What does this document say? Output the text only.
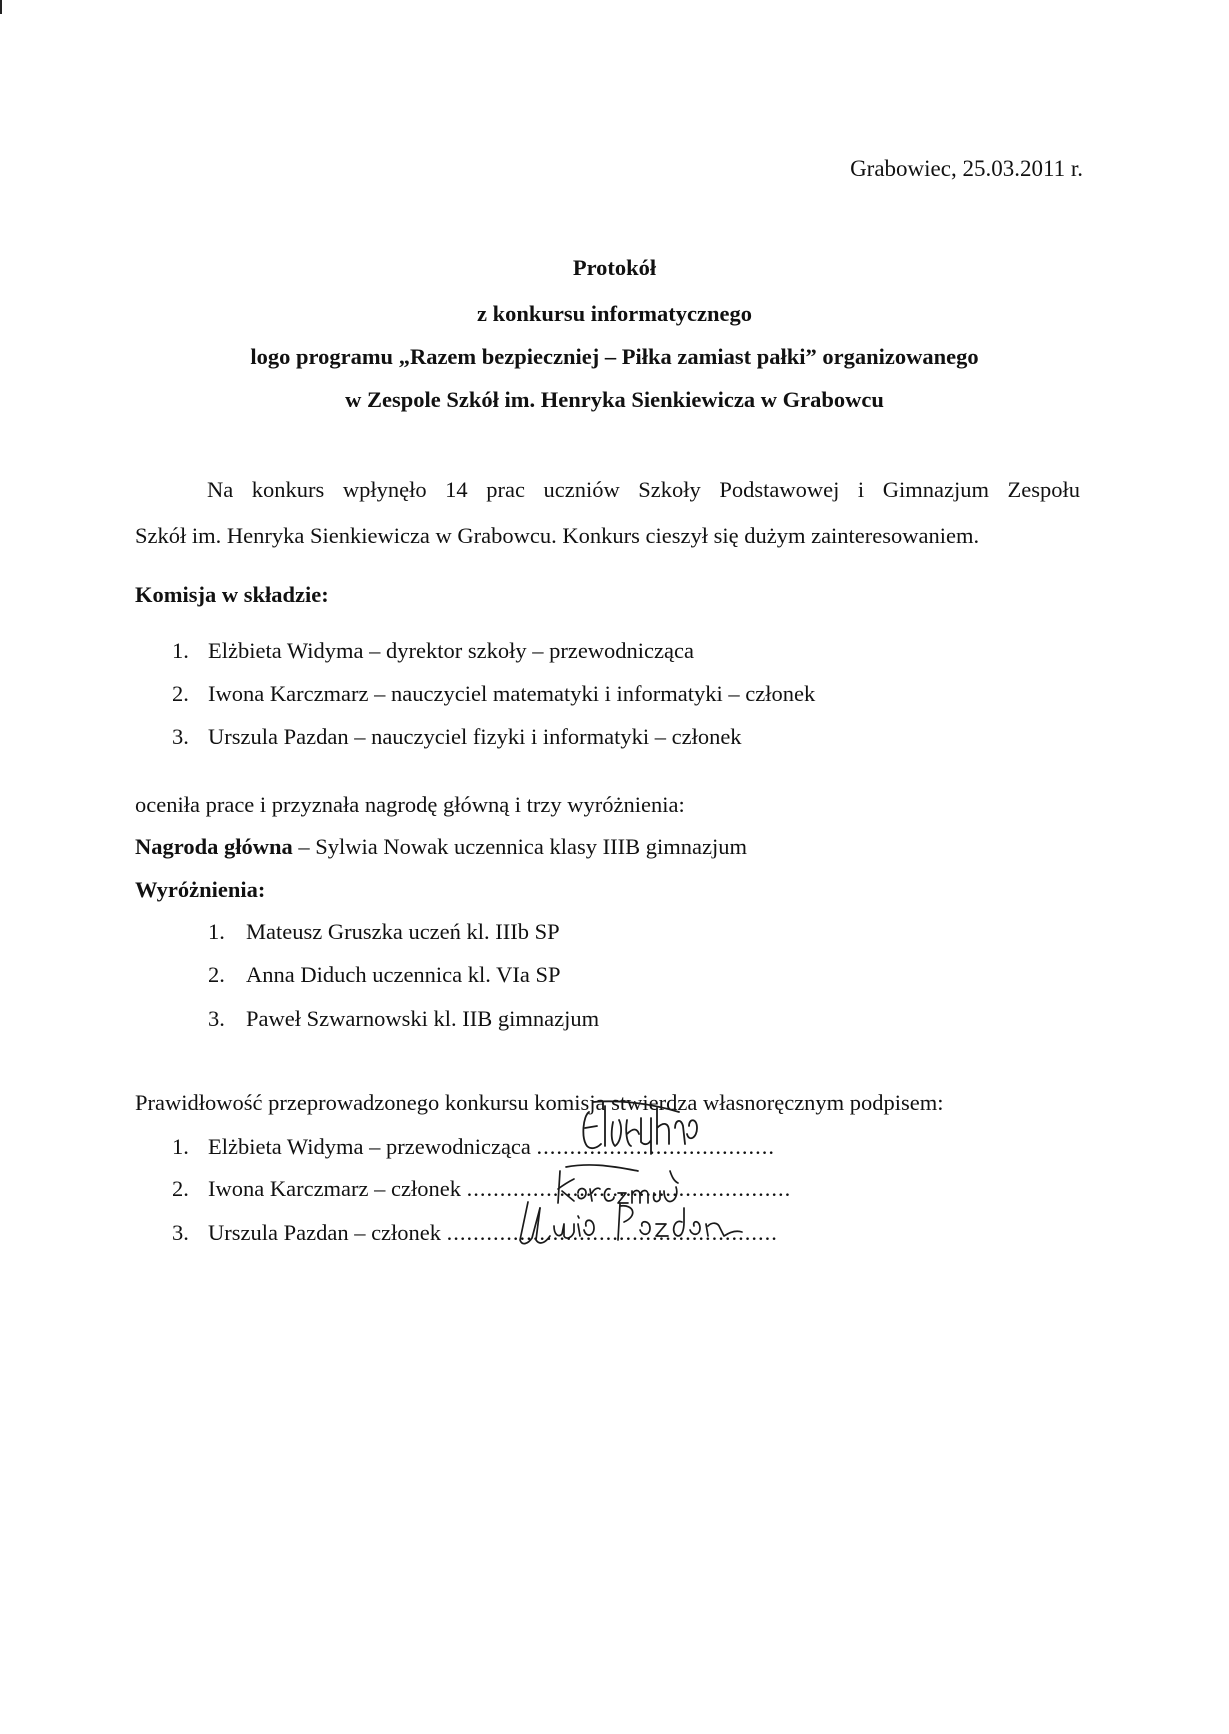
Grabowiec, 25.03.2011 r.
Protokół
z konkursu informatycznego
logo programu „Razem bezpieczniej – Piłka zamiast pałki” organizowanego
w Zespole Szkół im. Henryka Sienkiewicza w Grabowcu
Na konkurs wpłynęło 14 prac uczniów Szkoły Podstawowej i Gimnazjum Zespołu
Szkół im. Henryka Sienkiewicza w Grabowcu. Konkurs cieszył się dużym zainteresowaniem.
Komisja w składzie:
1. Elżbieta Widyma – dyrektor szkoły – przewodnicząca
2. Iwona Karczmarz – nauczyciel matematyki i informatyki – członek
3. Urszula Pazdan – nauczyciel fizyki i informatyki – członek
oceniła prace i przyznała nagrodę główną i trzy wyróżnienia:
Nagroda główna – Sylwia Nowak uczennica klasy IIIB gimnazjum
Wyróżnienia:
1. Mateusz Gruszka uczeń kl. IIIb SP
2. Anna Diduch uczennica kl. VIa SP
3. Paweł Szwarnowski kl. IIB gimnazjum
Prawidłowość przeprowadzonego konkursu komisja stwierdza własnoręcznym podpisem:
1. Elżbieta Widyma – przewodnicząca ....................................
2. Iwona Karczmarz – członek .................................................
3. Urszula Pazdan – członek ..................................................
